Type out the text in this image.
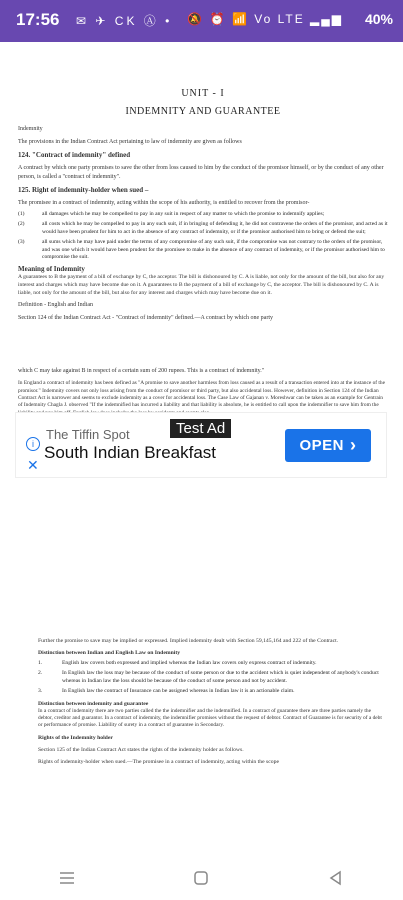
17:56 ✉ ✈ CK Ⓐ • 🔕 ⏰ 📶 Vo LTE ▂▄▆ 40%
UNIT - I
INDEMNITY AND GUARANTEE
Indemnity
The provisions in the Indian Contract Act pertaining to law of indemnity are given as follows
124. "Contract of indemnity" defined
A contract by which one party promises to save the other from loss caused to him by the conduct of the promisor himself, or by the conduct of any other person, is called a "contract of indemnity".
125. Right of indemnity-holder when sued –
The promisee in a contract of indemnity, acting within the scope of his authority, is entitled to recover from the promisor-
(1)	all damages which he may be compelled to pay in any suit in respect of any matter to which the promise to indemnify applies;
(2)	all costs which he may be compelled to pay in any such suit, if in bringing of defending it, he did not contravene the orders of the promisor, and acted as it would have been prudent for him to act in the absence of any contract of indemnity, or if the promisor authorised him to bring or defend the suit;
(3)	all sums which he may have paid under the terms of any compromise of any such suit, if the compromise was not contrary to the orders of the promisor, and was one which it would have been prudent for the promisee to make in the absence of any contract of indemnity, or if the promisor authorised him to compromise the suit.
Meaning of Indemnity
A guarantees to B the payment of a bill of exchange by C, the acceptor. The bill is dishonoured by C. A is liable, not only for the amount of the bill, but also for any interest and charges which may have become due on it. A guarantees to B the payment of a bill of exchange by C, the acceptor. The bill is dishonoured by C. A is liable, not only for the amount of the bill, but also for any interest and charges which may have become due on it.
Definition - English and Indian
Section 124 of the Indian Contract Act - "Contract of indemnity" defined.—A contract by which one party
which C may take against B in respect of a certain sum of 200 rupees. This is a contract of indemnity."
In England a contract of indemnity has been defined as "A promise to save another harmless from loss caused as a result of a transaction entered into at the instance of the promisor." Indemnity covers not only loss arising from the conduct of promisor or third party, but also accidental loss. However, definition in Section 124 of the Indian Contract Act is narrower and seems to exclude indemnity as a cover for accidental loss. The Case Law of Gajanan v. Moreshwar can be taken as an example for Gentrain of Indemnity Chagla J. observed "If the indemnified has incurred a liability and that liability is absolute, he is entitled to call upon the indemnifier to save him from the
Test Ad
i
✕
The Tiffin Spot
South Indian Breakfast	OPEN ›
Further the promise to save may be implied or expressed. Implied indemnity dealt with Section 59,145,164 and 222 of the Contract.
Distinction between Indian and English Law on Indemnity
1.	English law covers both expressed and implied whereas the Indian law covers only express contract of indemnity.
2.	In English law the loss may be because of the conduct of some person or due to the accident which is quiet independent of anybody's conduct whereas in Indian law the loss should be because of the conduct of some person and not by accident.
3.	In English law the contract of Insurance can be assigned whereas in Indian law it is an actionable claim.
Distinction between indemnity and guarantee
In a contract of indemnity there are two parties called the the indemnifier and the indemnified. In a contract of guarantee there are three parties namely the debtor, creditor and guarantor. In a contract of indemnity, the indemnifier promises without the request of debtor. Contract of Guarantee is for security of a debt or performance of promise. Liability of surety in a contract of guarantee in Secondary.
Rights of the Indemnity holder
Section 125 of the Indian Contract Act states the rights of the indemnity holder as follows.
Rights of indemnity-holder when sued.—The promisee in a contract of indemnity, acting within the scope
